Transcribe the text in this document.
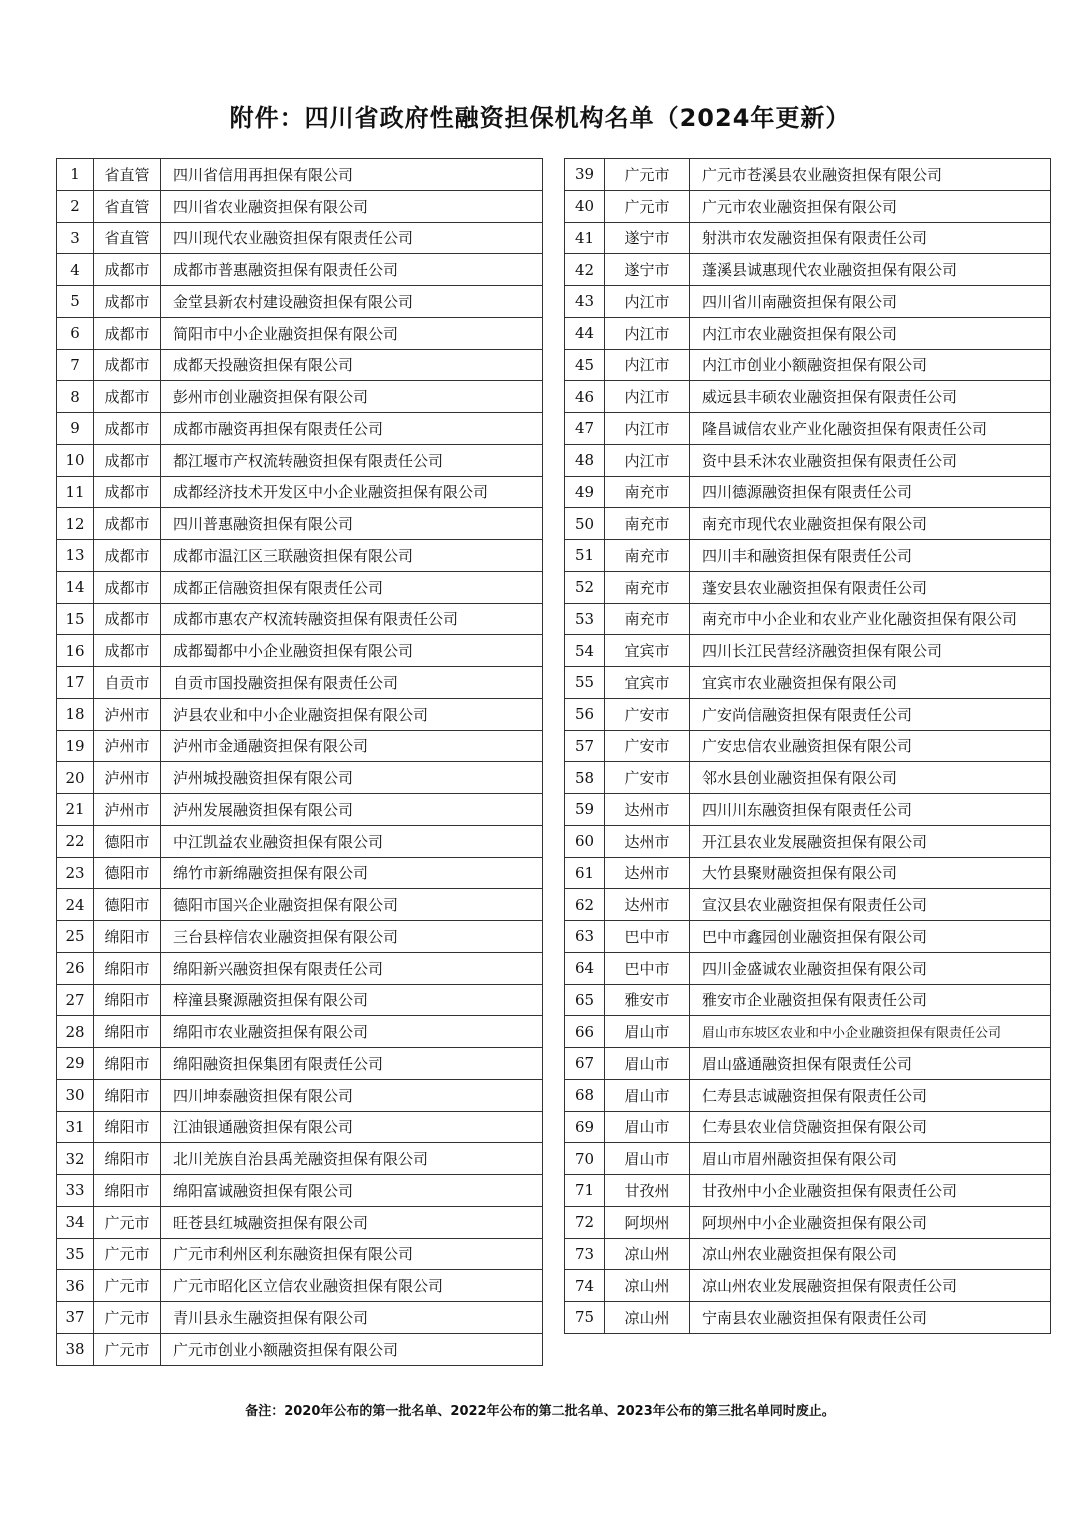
附件：四川省政府性融资担保机构名单（2024年更新）
1	省直管	四川省信用再担保有限公司
2	省直管	四川省农业融资担保有限公司
3	省直管	四川现代农业融资担保有限责任公司
4	成都市	成都市普惠融资担保有限责任公司
5	成都市	金堂县新农村建设融资担保有限公司
6	成都市	简阳市中小企业融资担保有限公司
7	成都市	成都天投融资担保有限公司
8	成都市	彭州市创业融资担保有限公司
9	成都市	成都市融资再担保有限责任公司
10	成都市	都江堰市产权流转融资担保有限责任公司
11	成都市	成都经济技术开发区中小企业融资担保有限公司
12	成都市	四川普惠融资担保有限公司
13	成都市	成都市温江区三联融资担保有限公司
14	成都市	成都正信融资担保有限责任公司
15	成都市	成都市惠农产权流转融资担保有限责任公司
16	成都市	成都蜀都中小企业融资担保有限公司
17	自贡市	自贡市国投融资担保有限责任公司
18	泸州市	泸县农业和中小企业融资担保有限公司
19	泸州市	泸州市金通融资担保有限公司
20	泸州市	泸州城投融资担保有限公司
21	泸州市	泸州发展融资担保有限公司
22	德阳市	中江凯益农业融资担保有限公司
23	德阳市	绵竹市新绵融资担保有限公司
24	德阳市	德阳市国兴企业融资担保有限公司
25	绵阳市	三台县梓信农业融资担保有限公司
26	绵阳市	绵阳新兴融资担保有限责任公司
27	绵阳市	梓潼县聚源融资担保有限公司
28	绵阳市	绵阳市农业融资担保有限公司
29	绵阳市	绵阳融资担保集团有限责任公司
30	绵阳市	四川坤泰融资担保有限公司
31	绵阳市	江油银通融资担保有限公司
32	绵阳市	北川羌族自治县禹羌融资担保有限公司
33	绵阳市	绵阳富诚融资担保有限公司
34	广元市	旺苍县红城融资担保有限公司
35	广元市	广元市利州区利东融资担保有限公司
36	广元市	广元市昭化区立信农业融资担保有限公司
37	广元市	青川县永生融资担保有限公司
38	广元市	广元市创业小额融资担保有限公司
39	广元市	广元市苍溪县农业融资担保有限公司
40	广元市	广元市农业融资担保有限公司
41	遂宁市	射洪市农发融资担保有限责任公司
42	遂宁市	蓬溪县诚惠现代农业融资担保有限公司
43	内江市	四川省川南融资担保有限公司
44	内江市	内江市农业融资担保有限公司
45	内江市	内江市创业小额融资担保有限公司
46	内江市	威远县丰硕农业融资担保有限责任公司
47	内江市	隆昌诚信农业产业化融资担保有限责任公司
48	内江市	资中县禾沐农业融资担保有限责任公司
49	南充市	四川德源融资担保有限责任公司
50	南充市	南充市现代农业融资担保有限公司
51	南充市	四川丰和融资担保有限责任公司
52	南充市	蓬安县农业融资担保有限责任公司
53	南充市	南充市中小企业和农业产业化融资担保有限公司
54	宜宾市	四川长江民营经济融资担保有限公司
55	宜宾市	宜宾市农业融资担保有限公司
56	广安市	广安尚信融资担保有限责任公司
57	广安市	广安忠信农业融资担保有限公司
58	广安市	邻水县创业融资担保有限公司
59	达州市	四川川东融资担保有限责任公司
60	达州市	开江县农业发展融资担保有限公司
61	达州市	大竹县聚财融资担保有限公司
62	达州市	宣汉县农业融资担保有限责任公司
63	巴中市	巴中市鑫园创业融资担保有限公司
64	巴中市	四川金盛诚农业融资担保有限公司
65	雅安市	雅安市企业融资担保有限责任公司
66	眉山市	眉山市东坡区农业和中小企业融资担保有限责任公司
67	眉山市	眉山盛通融资担保有限责任公司
68	眉山市	仁寿县志诚融资担保有限责任公司
69	眉山市	仁寿县农业信贷融资担保有限公司
70	眉山市	眉山市眉州融资担保有限公司
71	甘孜州	甘孜州中小企业融资担保有限责任公司
72	阿坝州	阿坝州中小企业融资担保有限公司
73	凉山州	凉山州农业融资担保有限公司
74	凉山州	凉山州农业发展融资担保有限责任公司
75	凉山州	宁南县农业融资担保有限责任公司
备注：2020年公布的第一批名单、2022年公布的第二批名单、2023年公布的第三批名单同时废止。
